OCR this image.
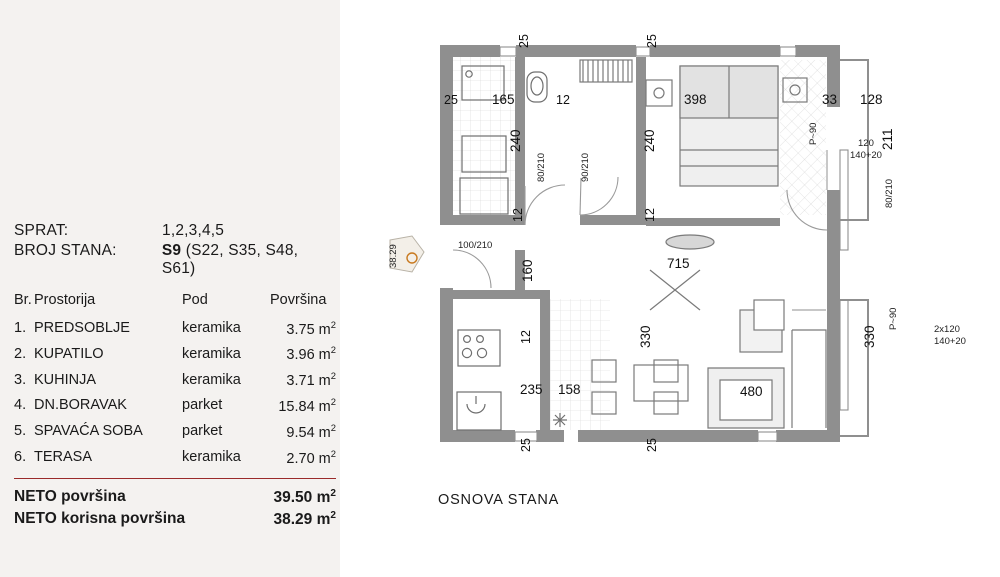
SPRAT:	1,2,3,4,5
BROJ STANA:	S9 (S22, S35, S48, S61)
Br.	Prostorija	Pod	Površina
1.	PREDSOBLJE	keramika	3.75 $m^2$
2.	KUPATILO	keramika	3.96 $m^2$
3.	KUHINJA	keramika	3.71 $m^2$
4.	DN.BORAVAK	parket	15.84 $m^2$
5.	SPAVAĆA SOBA	parket	9.54 $m^2$
6.	TERASA	keramika	2.70 $m^2$
NETO površina	39.50 $m^2$
NETO korisna površina	38.29 $m^2$
38.29
25	165
25
12
25
398	33 128
211
240	240	120
140+20
P~90
80/210	90/210
80/210
100/210
12	12
715
160
12	330	330
235 158	480
2x120
140+20
P~90
25	25
OSNOVA STANA
